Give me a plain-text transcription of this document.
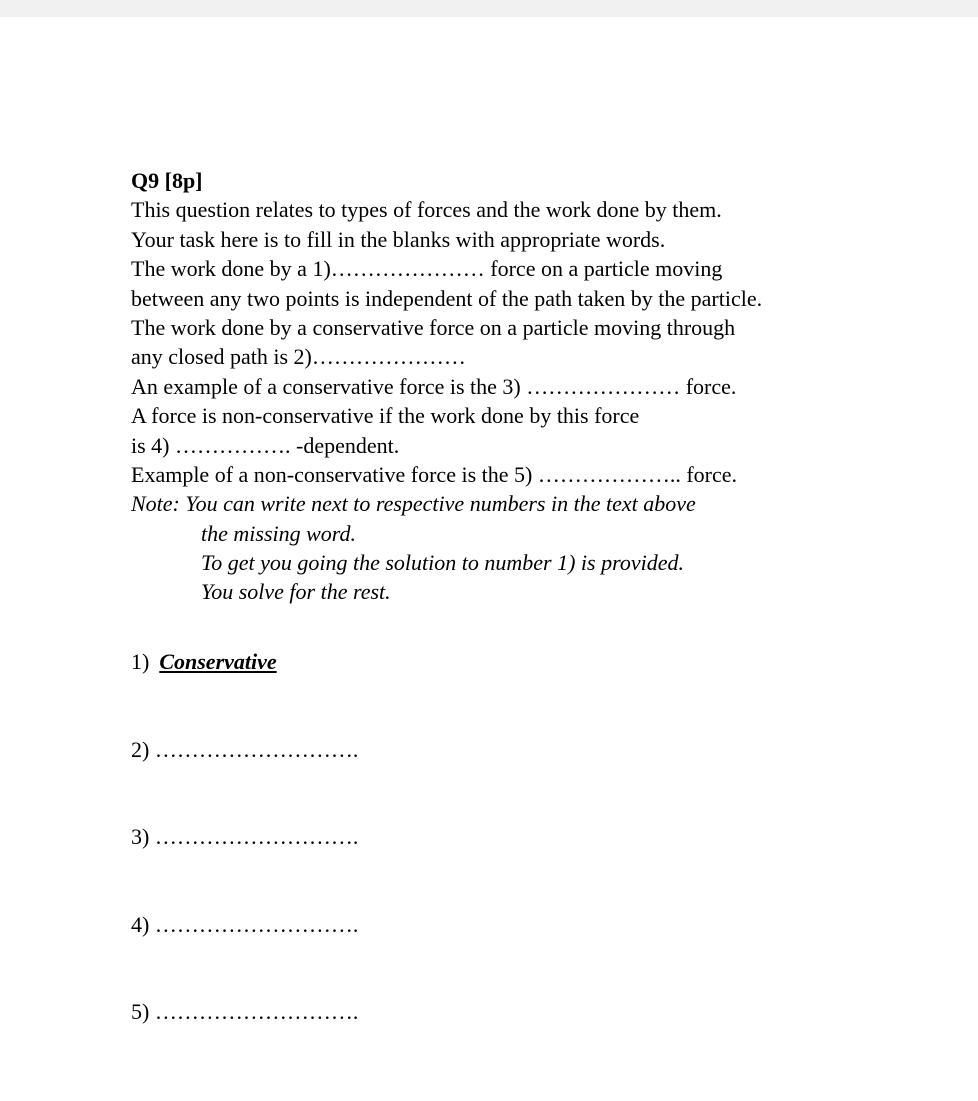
Q9 [8p]
This question relates to types of forces and the work done by them.
Your task here is to fill in the blanks with appropriate words.
The work done by a 1)………………… force on a particle moving
between any two points is independent of the path taken by the particle.
The work done by a conservative force on a particle moving through
any closed path is 2)…………………
An example of a conservative force is the 3) ………………… force.
A force is non-conservative if the work done by this force
is 4) ……………. -dependent.
Example of a non-conservative force is the 5) ……………….. force.
Note: You can write next to respective numbers in the text above
the missing word.
To get you going the solution to number 1) is provided.
You solve for the rest.
1) Conservative
2) ……………………….
3) ……………………….
4) ……………………….
5) ……………………….
